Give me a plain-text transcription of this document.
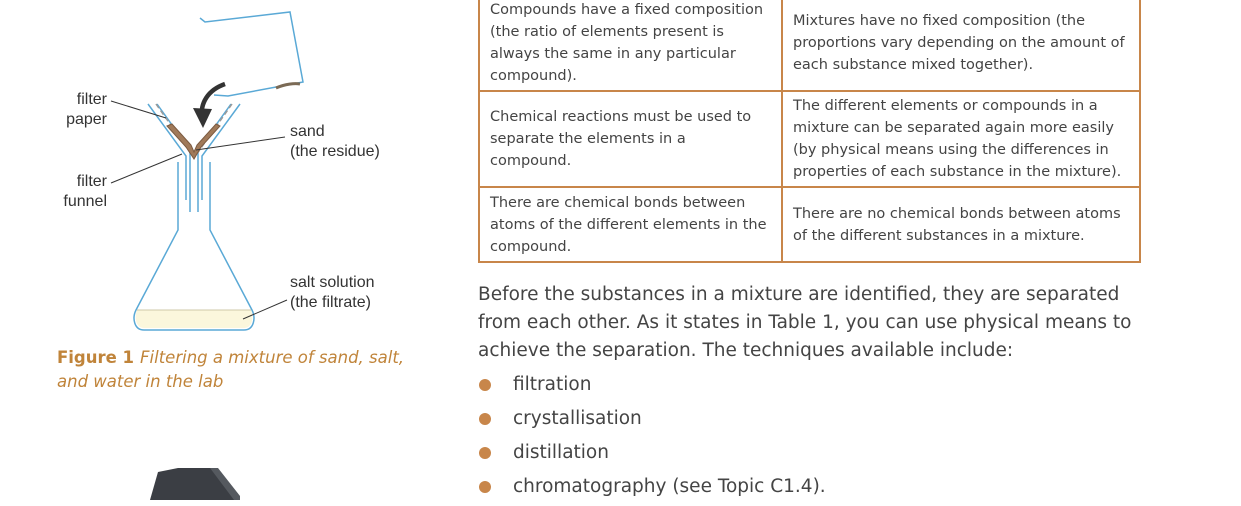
filter
paper
sand
(the residue)
filter
funnel
salt solution
(the filtrate)
Figure 1 Filtering a mixture of sand, salt, and water in the lab
Compounds have a fixed composition (the ratio of elements present is always the same in any particular compound).	Mixtures have no fixed composition (the proportions vary depending on the amount of each substance mixed together).
Chemical reactions must be used to separate the elements in a compound.	The different elements or compounds in a mixture can be separated again more easily (by physical means using the differences in properties of each substance in the mixture).
There are chemical bonds between atoms of the different elements in the compound.	There are no chemical bonds between atoms of the different substances in a mixture.
Before the substances in a mixture are identified, they are separated from each other. As it states in Table 1, you can use physical means to achieve the separation. The techniques available include:
filtration
crystallisation
distillation
chromatography (see Topic C1.4).
